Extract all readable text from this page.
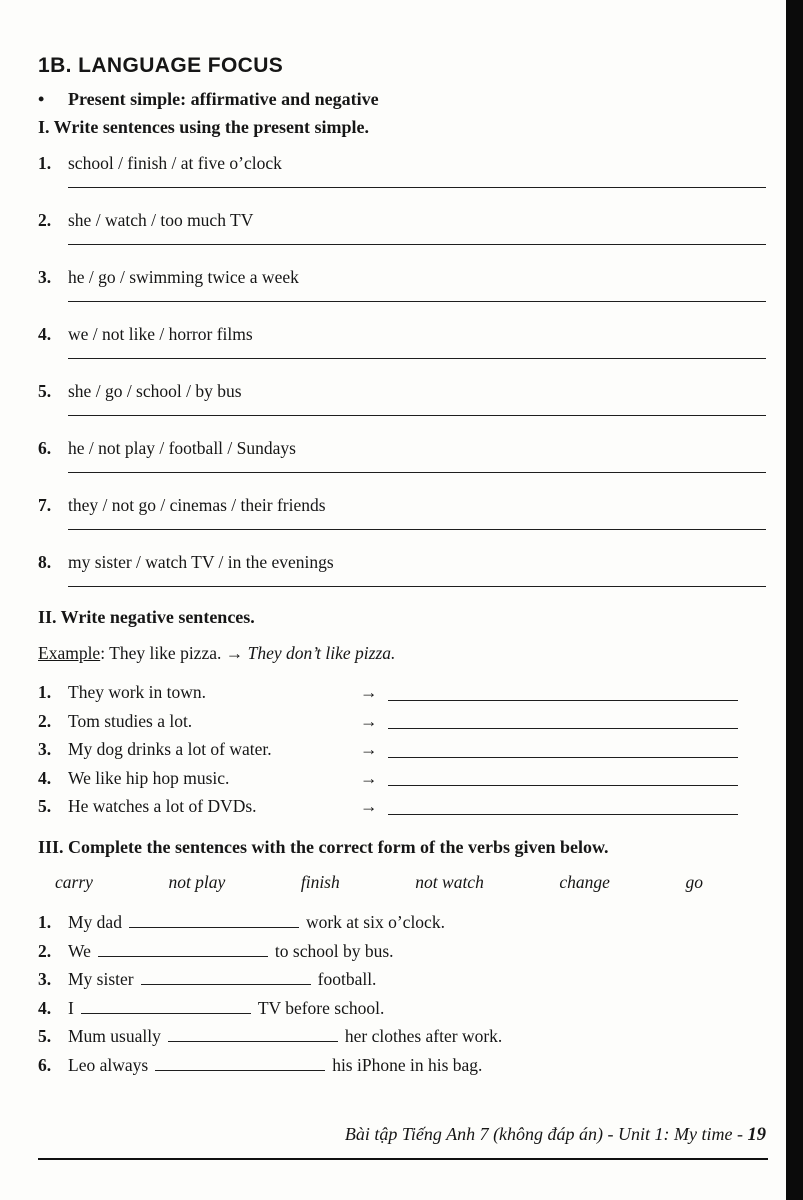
1B. LANGUAGE FOCUS
•	Present simple: affirmative and negative
I. Write sentences using the present simple.
1. school / finish / at five o’clock
2. she / watch / too much TV
3. he / go / swimming twice a week
4. we / not like / horror films
5. she / go / school / by bus
6. he / not play / football / Sundays
7. they / not go / cinemas / their friends
8. my sister / watch TV / in the evenings
II. Write negative sentences.
Example: They like pizza. → They don’t like pizza.
1. They work in town.	→
2. Tom studies a lot.	→
3. My dog drinks a lot of water.	→
4. We like hip hop music.	→
5. He watches a lot of DVDs.	→
III. Complete the sentences with the correct form of the verbs given below.
carry	not play	finish	not watch	change	go
1. My dad	work at six o’clock.
2. We	to school by bus.
3. My sister	football.
4. I	TV before school.
5. Mum usually	her clothes after work.
6. Leo always	his iPhone in his bag.
Bài tập Tiếng Anh 7 (không đáp án) - Unit 1: My time - 19
